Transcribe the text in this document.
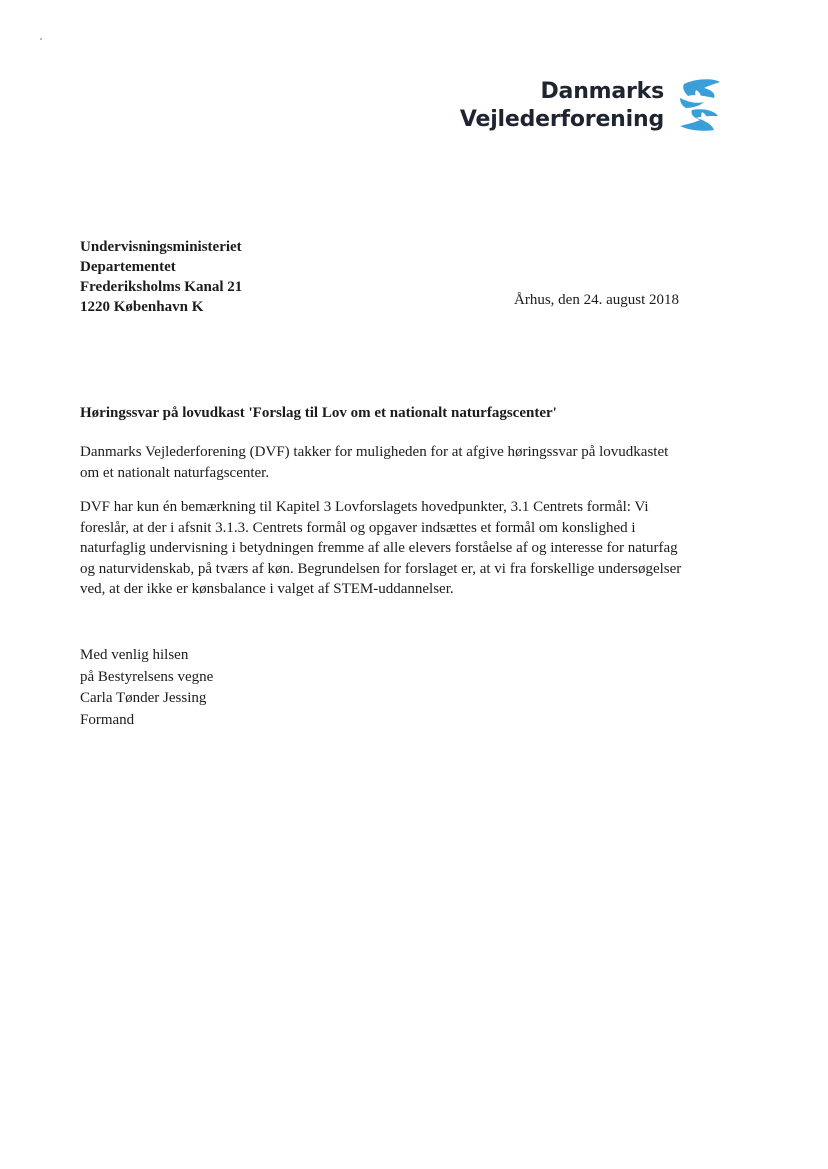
Danmarks
Vejlederforening
Undervisningsministeriet
Departementet
Frederiksholms Kanal 21
1220 København K	Århus, den 24. august 2018
Høringssvar på lovudkast 'Forslag til Lov om et nationalt naturfagscenter'
Danmarks Vejlederforening (DVF) takker for muligheden for at afgive høringssvar på lovudkastet
om et nationalt naturfagscenter.
DVF har kun én bemærkning til Kapitel 3 Lovforslagets hovedpunkter, 3.1 Centrets formål: Vi
foreslår, at der i afsnit 3.1.3. Centrets formål og opgaver indsættes et formål om konslighed i
naturfaglig undervisning i betydningen fremme af alle elevers forståelse af og interesse for naturfag
og naturvidenskab, på tværs af køn. Begrundelsen for forslaget er, at vi fra forskellige undersøgelser
ved, at der ikke er kønsbalance i valget af STEM-uddannelser.
Med venlig hilsen
på Bestyrelsens vegne
Carla Tønder Jessing
Formand
